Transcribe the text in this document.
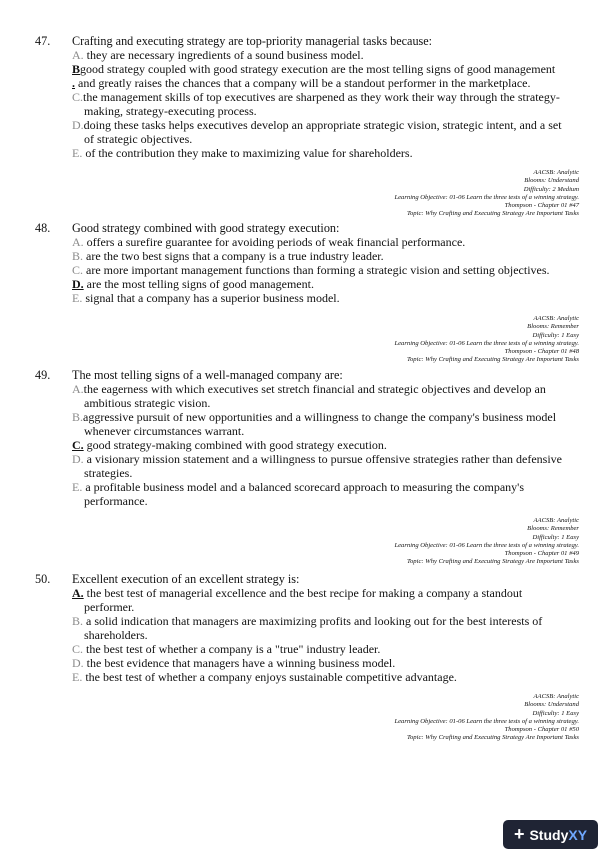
47. Crafting and executing strategy are top-priority managerial tasks because:
A. they are necessary ingredients of a sound business model.
Bgood strategy coupled with good strategy execution are the most telling signs of good management
. and greatly raises the chances that a company will be a standout performer in the marketplace.
C.the management skills of top executives are sharpened as they work their way through the strategy-
making, strategy-executing process.
D.doing these tasks helps executives develop an appropriate strategic vision, strategic intent, and a set
of strategic objectives.
E. of the contribution they make to maximizing value for shareholders.
AACSB: Analytic
Blooms: Understand
Difficulty: 2 Medium
Learning Objective: 01-06 Learn the three tests of a winning strategy.
Thompson - Chapter 01 #47
Topic: Why Crafting and Executing Strategy Are Important Tasks
48. Good strategy combined with good strategy execution:
A. offers a surefire guarantee for avoiding periods of weak financial performance.
B. are the two best signs that a company is a true industry leader.
C. are more important management functions than forming a strategic vision and setting objectives.
D. are the most telling signs of good management.
E. signal that a company has a superior business model.
AACSB: Analytic
Blooms: Remember
Difficulty: 1 Easy
Learning Objective: 01-06 Learn the three tests of a winning strategy.
Thompson - Chapter 01 #48
Topic: Why Crafting and Executing Strategy Are Important Tasks
49. The most telling signs of a well-managed company are:
A.the eagerness with which executives set stretch financial and strategic objectives and develop an
ambitious strategic vision.
B.aggressive pursuit of new opportunities and a willingness to change the company's business model
whenever circumstances warrant.
C. good strategy-making combined with good strategy execution.
D. a visionary mission statement and a willingness to pursue offensive strategies rather than defensive
strategies.
E. a profitable business model and a balanced scorecard approach to measuring the company's
performance.
AACSB: Analytic
Blooms: Remember
Difficulty: 1 Easy
Learning Objective: 01-06 Learn the three tests of a winning strategy.
Thompson - Chapter 01 #49
Topic: Why Crafting and Executing Strategy Are Important Tasks
50. Excellent execution of an excellent strategy is:
A. the best test of managerial excellence and the best recipe for making a company a standout
performer.
B. a solid indication that managers are maximizing profits and looking out for the best interests of
shareholders.
C. the best test of whether a company is a "true" industry leader.
D. the best evidence that managers have a winning business model.
E. the best test of whether a company enjoys sustainable competitive advantage.
AACSB: Analytic
Blooms: Understand
Difficulty: 1 Easy
Learning Objective: 01-06 Learn the three tests of a winning strategy.
Thompson - Chapter 01 #50
Topic: Why Crafting and Executing Strategy Are Important Tasks
+ Study XY
